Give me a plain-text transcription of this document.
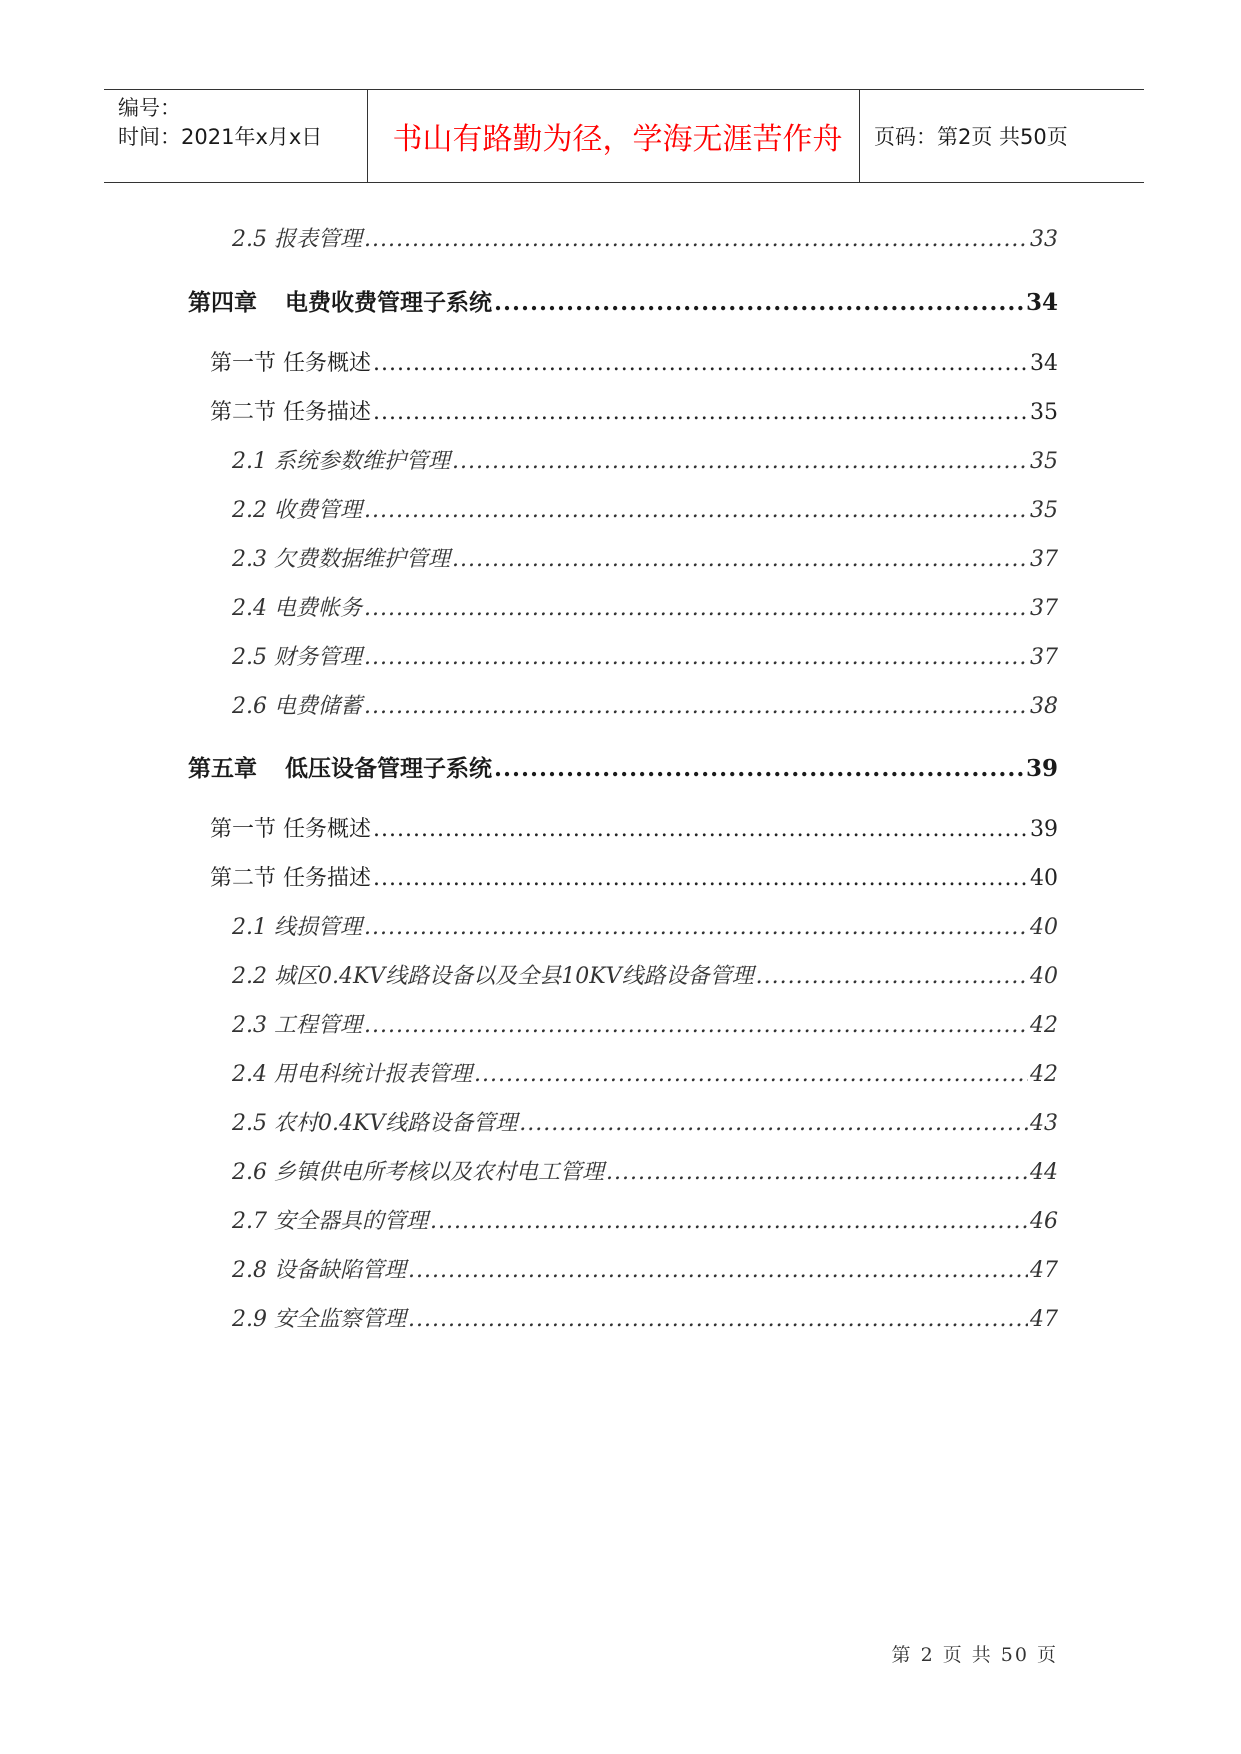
编号：
时间：2021年x月x日	书山有路勤为径，学海无涯苦作舟	页码：第2页 共50页
2.5 报表管理 .....	33
第四章 电费收费管理子系统 .....	34
第一节 任务概述 .....	34
第二节 任务描述 .....	35
2.1 系统参数维护管理 .....	35
2.2 收费管理 .....	35
2.3 欠费数据维护管理 .....	37
2.4 电费帐务 .....	37
2.5 财务管理 .....	37
2.6 电费储蓄 .....	38
第五章 低压设备管理子系统 .....	39
第一节 任务概述 .....	39
第二节 任务描述 .....	40
2.1 线损管理 .....	40
2.2 城区0.4KV线路设备以及全县10KV线路设备管理 .....	40
2.3 工程管理 .....	42
2.4 用电科统计报表管理 .....	42
2.5 农村0.4KV线路设备管理 .....	43
2.6 乡镇供电所考核以及农村电工管理 .....	44
2.7 安全器具的管理 .....	46
2.8 设备缺陷管理 .....	47
2.9 安全监察管理 .....	47
第 2 页 共 50 页
